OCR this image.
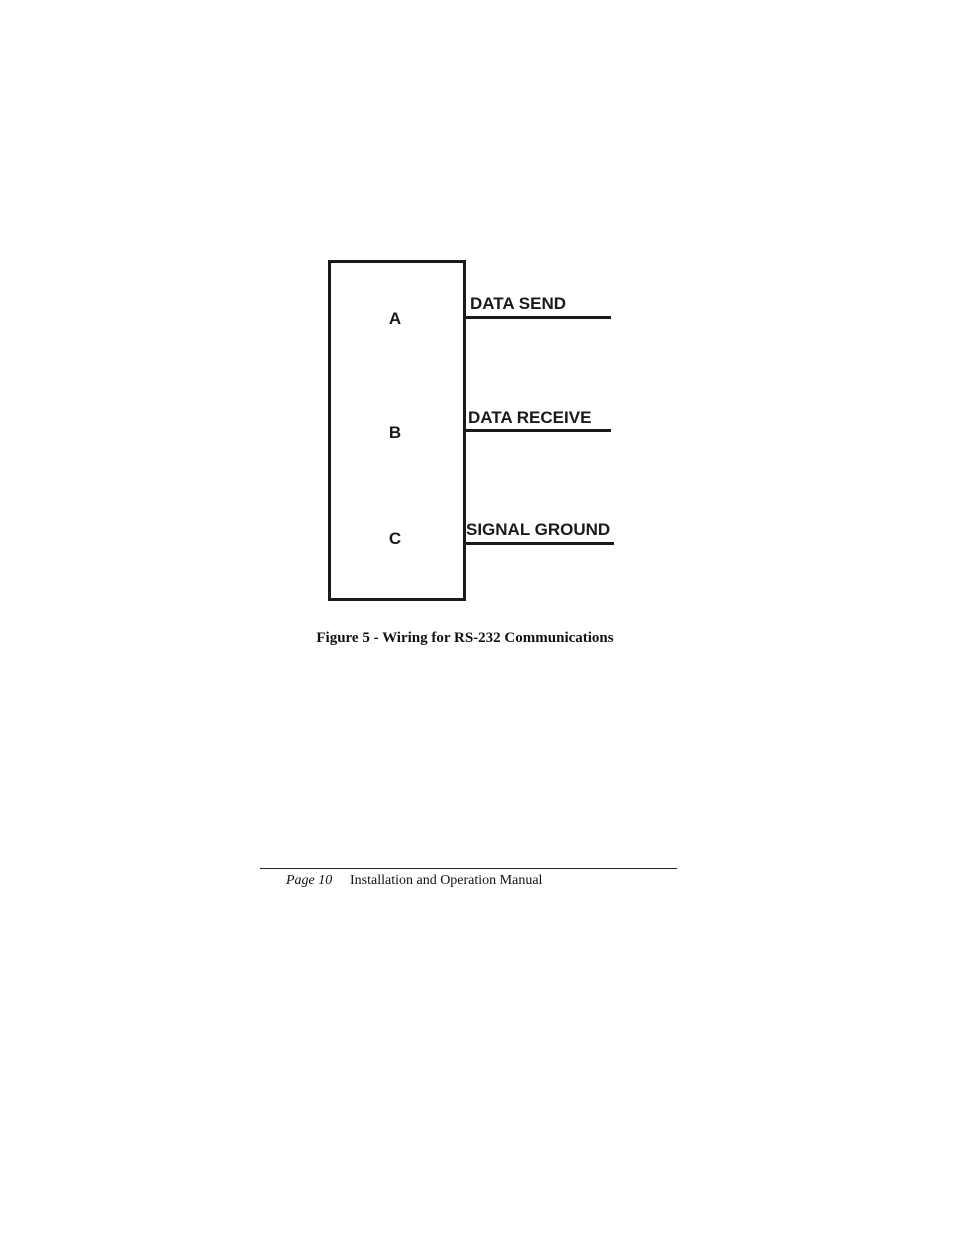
A
B
C
DATA SEND
DATA RECEIVE
SIGNAL GROUND
Figure 5 - Wiring for RS-232 Communications
Page 10 Installation and Operation Manual
